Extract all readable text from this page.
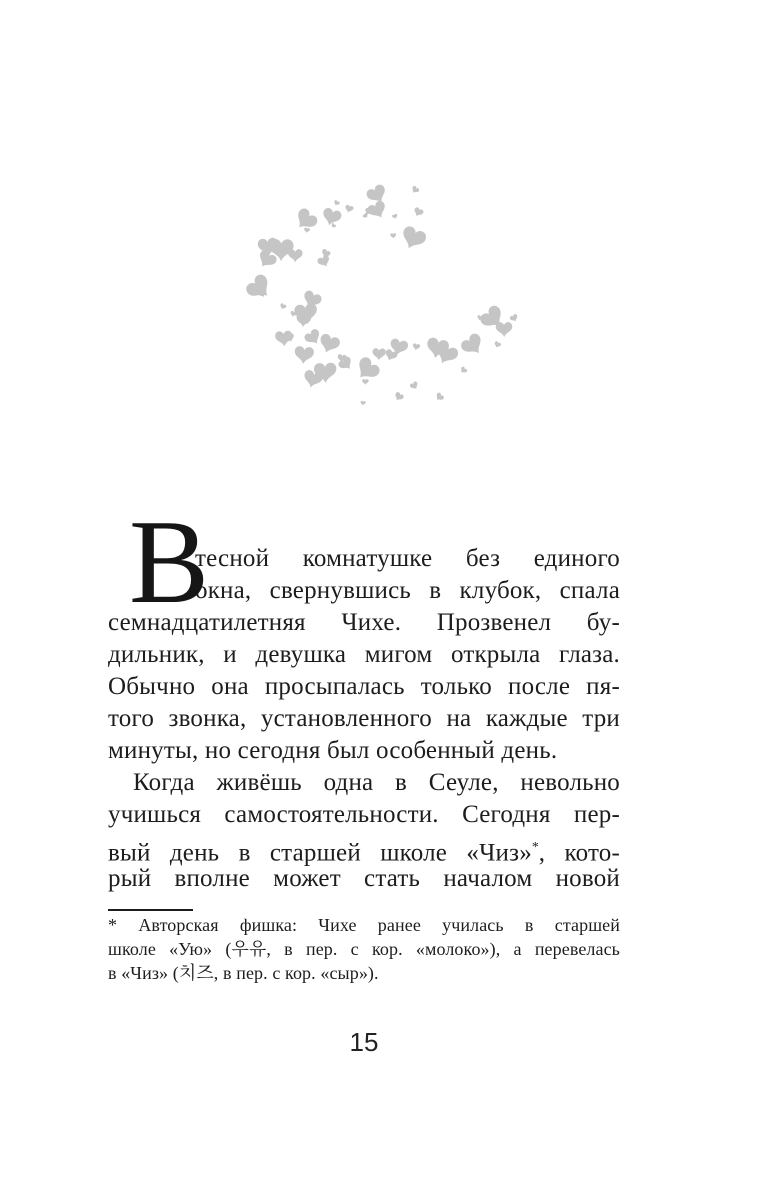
В
тесной комнатушке без единого
окна, свернувшись в клубок, спала
семнадцатилетняя Чихе. Прозвенел бу-
дильник, и девушка мигом открыла глаза.
Обычно она просыпалась только после пя-
того звонка, установленного на каждые три
минуты, но сегодня был особенный день.
Когда живёшь одна в Сеуле, невольно
учишься самостоятельности. Сегодня пер-
вый день в старшей школе «Чиз»*, кото-
рый вполне может стать началом новой
* Авторская фишка: Чихе ранее училась в старшей
школе «Ую» (우유, в пер. с кор. «молоко»), а перевелась
в «Чиз» (치즈, в пер. с кор. «сыр»).
15
